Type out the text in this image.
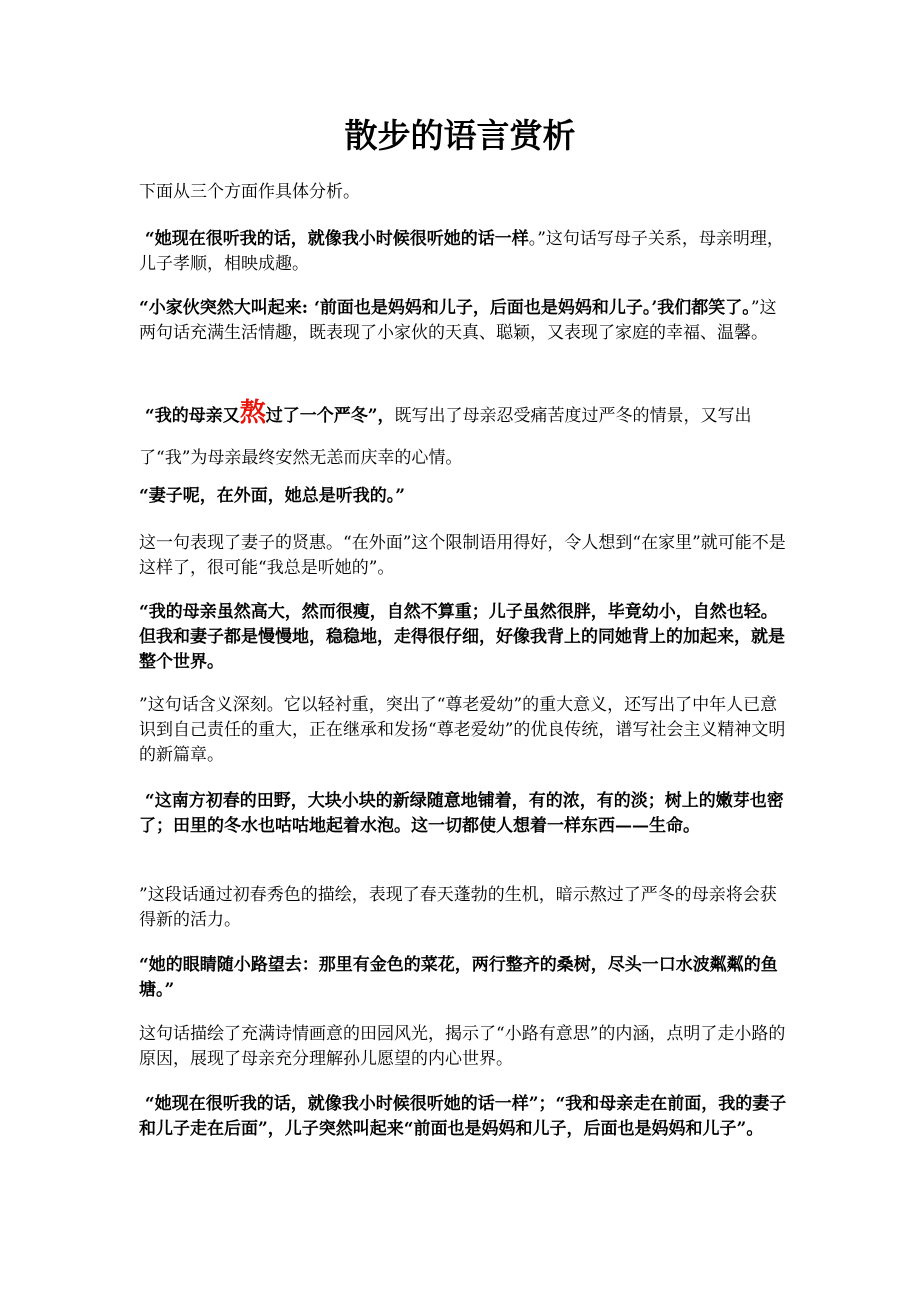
散步的语言赏析

下面从三个方面作具体分析。

“她现在很听我的话，就像我小时候很听她的话一样。”这句话写母子关系，母亲明理，儿子孝顺，相映成趣。

“小家伙突然大叫起来: ‘前面也是妈妈和儿子，后面也是妈妈和儿子。’我们都笑了。”这两句话充满生活情趣，既表现了小家伙的天真、聪颖，又表现了家庭的幸福、温馨。

“我的母亲又熬过了一个严冬”，既写出了母亲忍受痛苦度过严冬的情景，又写出了“我”为母亲最终安然无恙而庆幸的心情。

“妻子呢，在外面，她总是听我的。”

这一句表现了妻子的贤惠。“在外面”这个限制语用得好，令人想到“在家里”就可能不是这样了，很可能“我总是听她的”。

“我的母亲虽然高大，然而很瘦，自然不算重；儿子虽然很胖，毕竟幼小，自然也轻。但我和妻子都是慢慢地，稳稳地，走得很仔细，好像我背上的同她背上的加起来，就是整个世界。

”这句话含义深刻。它以轻衬重，突出了“尊老爱幼”的重大意义，还写出了中年人已意识到自己责任的重大，正在继承和发扬“尊老爱幼”的优良传统，谱写社会主义精神文明的新篇章。

“这南方初春的田野，大块小块的新绿随意地铺着，有的浓，有的淡；树上的嫩芽也密了；田里的冬水也咕咕地起着水泡。这一切都使人想着一样东西——生命。

”这段话通过初春秀色的描绘，表现了春天蓬勃的生机，暗示熬过了严冬的母亲将会获得新的活力。

“她的眼睛随小路望去：那里有金色的菜花，两行整齐的桑树，尽头一口水波粼粼的鱼塘。”

这句话描绘了充满诗情画意的田园风光，揭示了“小路有意思”的内涵，点明了走小路的原因，展现了母亲充分理解孙儿愿望的内心世界。

“她现在很听我的话，就像我小时候很听她的话一样”；“我和母亲走在前面，我的妻子和儿子走在后面”，儿子突然叫起来“前面也是妈妈和儿子，后面也是妈妈和儿子”。
